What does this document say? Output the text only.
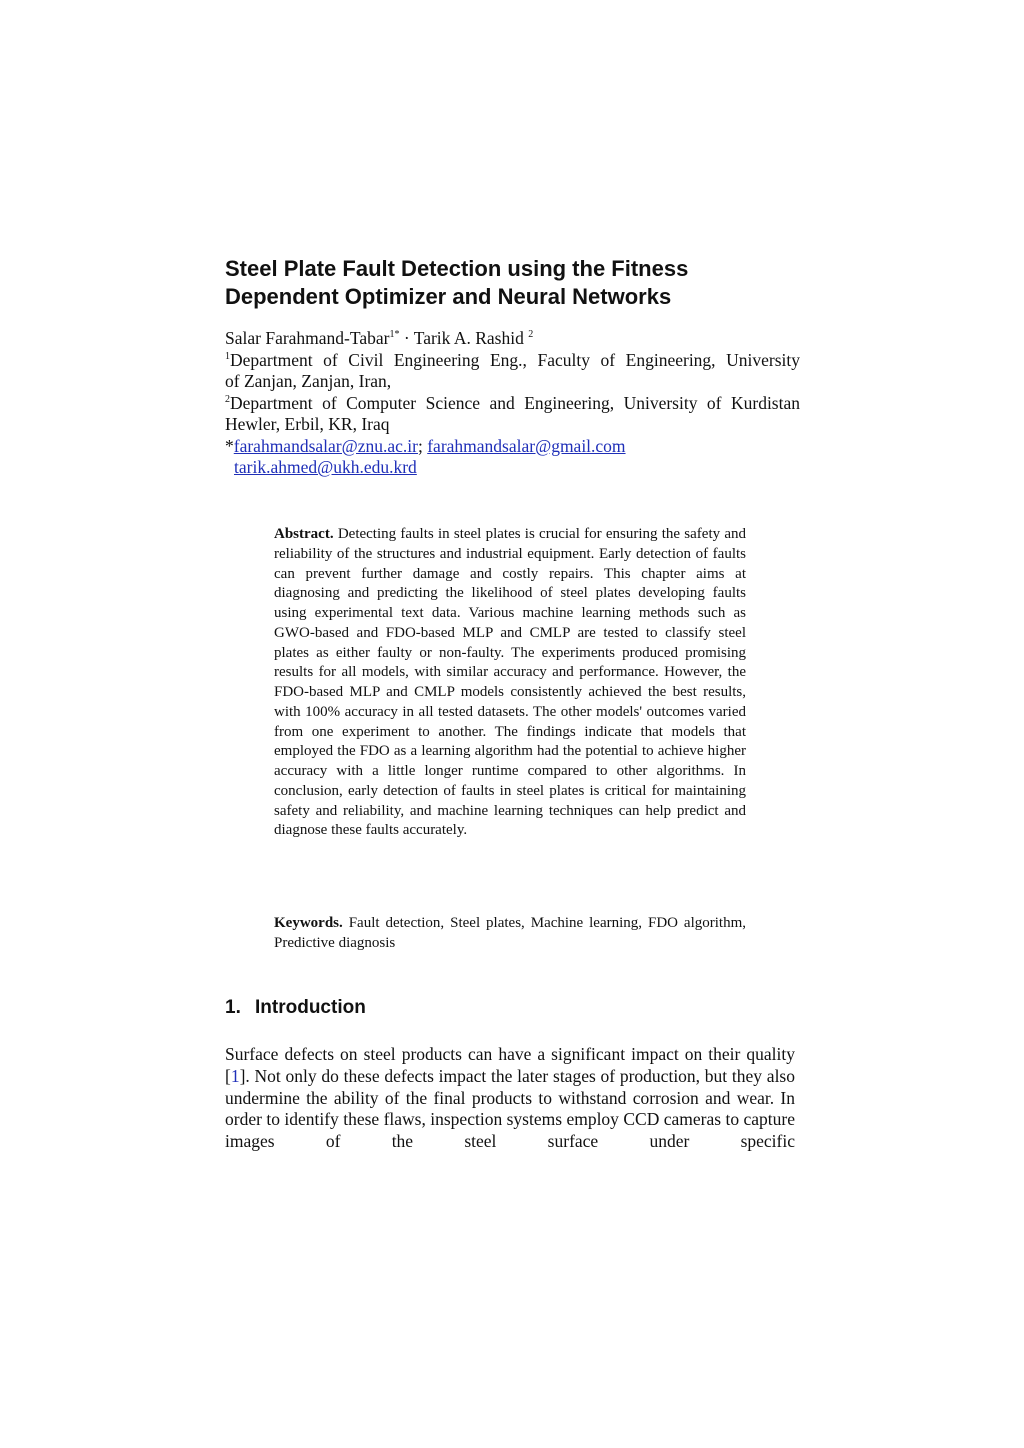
Steel Plate Fault Detection using the Fitness
Dependent Optimizer and Neural Networks
Salar Farahmand-Tabar$^{1*}$ · Tarik A. Rashid $^2$
$^1$Department of Civil Engineering Eng., Faculty of Engineering, University
of Zanjan, Zanjan, Iran,
$^2$Department of Computer Science and Engineering, University of Kurdistan
Hewler, Erbil, KR, Iraq
*farahmandsalar@znu.ac.ir; farahmandsalar@gmail.com
tarik.ahmed@ukh.edu.krd
Abstract. Detecting faults in steel plates is crucial for ensuring the safety and reliability of the structures and industrial equipment. Early detection of faults can prevent further damage and costly repairs. This chapter aims at diagnosing and predicting the likelihood of steel plates developing faults using experimental text data. Various machine learning methods such as GWO-based and FDO-based MLP and CMLP are tested to classify steel plates as either faulty or non-faulty. The experiments produced promising results for all models, with similar accuracy and performance. However, the FDO-based MLP and CMLP models consistently achieved the best results, with 100% accuracy in all tested datasets. The other models' outcomes varied from one experiment to another. The findings indicate that models that employed the FDO as a learning algorithm had the potential to achieve higher accuracy with a little longer runtime compared to other algorithms. In conclusion, early detection of faults in steel plates is critical for maintaining safety and reliability, and machine learning techniques can help predict and diagnose these faults accurately.
Keywords. Fault detection, Steel plates, Machine learning, FDO algorithm, Predictive diagnosis
1. Introduction
Surface defects on steel products can have a significant impact on their quality [1]. Not only do these defects impact the later stages of production, but they also undermine the ability of the final products to withstand corrosion and wear. In order to identify these flaws, inspection systems employ CCD cameras to capture images of the steel surface under specific
